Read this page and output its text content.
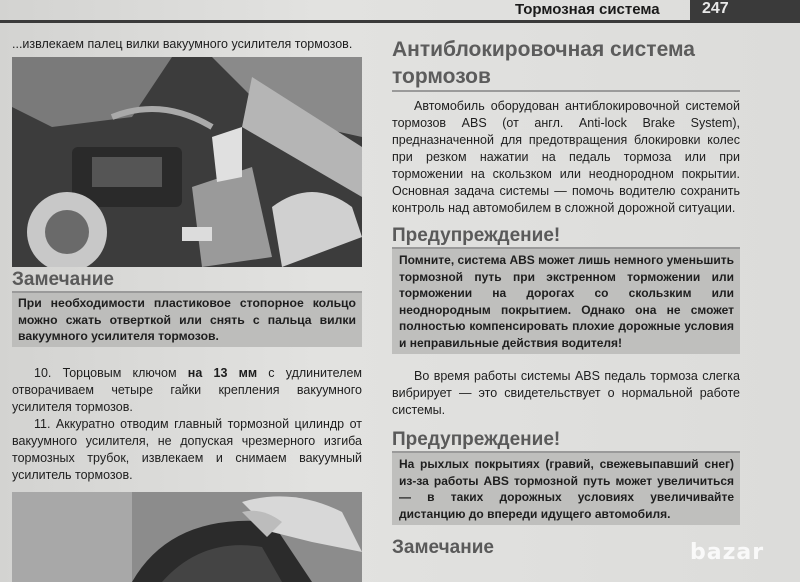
Тормозная система	247

...извлекаем палец вилки вакуумного усилителя тормозов.

Замечание

При необходимости пластиковое стопорное кольцо можно сжать отверткой или снять с пальца вилки вакуумного усилителя тормозов.

10. Торцовым ключом на 13 мм с удлинителем отворачиваем четыре гайки крепления вакуумного усилителя тормозов.

11. Аккуратно отводим главный тормозной цилиндр от вакуумного усилителя, не допуская чрезмерного изгиба тормозных трубок, извлекаем и снимаем вакуумный усилитель тормозов.

Антиблокировочная система тормозов

Автомобиль оборудован антиблокировочной системой тормозов ABS (от англ. Anti-lock Brake System), предназначенной для предотвращения блокировки колес при резком нажатии на педаль тормоза или при торможении на скользком или неоднородном покрытии. Основная задача системы — помочь водителю сохранить контроль над автомобилем в сложной дорожной ситуации.

Предупреждение!

Помните, система ABS может лишь немного уменьшить тормозной путь при экстренном торможении или торможении на дорогах со скользким или неоднородным покрытием. Однако она не сможет полностью компенсировать плохие дорожные условия и неправильные действия водителя!

Во время работы системы ABS педаль тормоза слегка вибрирует — это свидетельствует о нормальной работе системы.

Предупреждение!

На рыхлых покрытиях (гравий, свежевыпавший снег) из-за работы ABS тормозной путь может увеличиться — в таких дорожных условиях увеличивайте дистанцию до впереди идущего автомобиля.

Замечание	bazar
